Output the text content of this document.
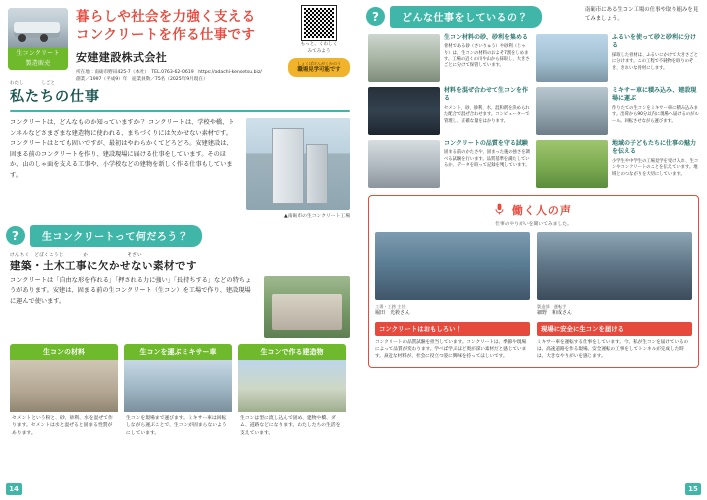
生コンクリート
製造販売
暮らしや社会を力強く支える
コンクリートを作る仕事です
安建建設株式会社
所在地：南砺市野田425-7（本社）　TEL.0763-62-0619　https://adachi-kensetsu.biz/
創業／1997（平成9）年　従業員数／75名（2025年9月現在）
もっと、くわしく
みてみよう
しょくばけんがくかのう
職場見学可能です
わたし　　　　しごと
私たちの仕事
コンクリートは、どんなものか知っていますか？ コンクリートは、学校や橋、トンネルなどさまざまな建造物に使われる、まちづくりには欠かせない素材です。コンクリートはとても固いですが、最初はやわらかくてどろどろ。安建建設は、固まる前のコンクリートを作り、建設現場に届ける仕事をしています。そのほか、山のしゃ面を支える工事や、小学校などの建物を新しく作る仕事もしています。
▲南砺市の生コンクリート工場
?	生コンクリートって何だろう？
けんちく　どぼくこうじ　　　　か　　　　　　　　そざい
建築・土木工事に欠かせない素材です
コンクリートは「自由な形を作れる」「押される力に強い」「長持ちする」などの特ちょうがあります。安建は、固まる前の生コンクリート（生コン）を工場で作り、建設現場に運んで使います。
生コンの材料
セメントという粉と、砂、砂利、水を混ぜて作ります。セメントは水と混ぜると固まる性質があります。
生コンを運ぶミキサー車
生コンを現場まで運びます。ミキサー車は回転しながら運ぶことで、生コンが固まらないようにしています。
生コンで作る建造物
生コンは型に流し込んで固め、建物や橋、ダム、道路などになります。わたしたちの生活を支えています。
14
?	どんな仕事をしているの？
南砺市にある生コン工場の仕事や取り組みを見てみましょう。
生コン材料の砂、砂利を集める
骨材である砂（さいりゅう）や砂利（じゃり）は、生コンの材料のおよそ7割をしめます。工場の近くの川や山から採取し、大きさごとに分けて保管しています。
ふるいを使って砂と砂利に分ける
採取した骨材は、ふるいにかけて大きさごとに分けます。この工程で不純物を取りのぞき、きれいな骨材にします。
材料を混ぜ合わせて生コンを作る
セメント、砂、砂利、水、混和剤を決められた配合で混ぜ合わせます。コンピューターで管理し、正確な量をはかります。
ミキサー車に積み込み、建設現場に運ぶ
作りたての生コンをミキサー車に積み込みます。出荷から90分以内に現場へ届けるのがルール。回転させながら運びます。
コンクリートの品質を守る試験
固まる前のかたさや、固まった後の強さを調べる試験を行います。品質基準を満たしているか、データを取って記録を残しています。
地域の子どもたちに仕事の魅力を伝える
小学生や中学生の工場見学を受け入れ、生コンやコンクリートのことを伝えています。地域とのつながりを大切にしています。
働く人の声
仕事のやりがいを聞いてみました。
工場・工務 主任
堀田　光毅さん
コンクリートはおもしろい！
コンクリートの品質試験を担当しています。コンクリートは、季節や現場によって品質が変わります。学べば学ぶほど奥が深い素材だと感じています。身近な材料が、社会に役立つ姿に興味を持ってほしいです。
製造部　運転手
細野　和成さん
現場に安全に生コンを届ける
ミキサー車を運転する仕事をしています。今、私が生コンを届けているのは、高速道路を作る現場。安全運転の工事をしてトンネルが完成した時は、大きなやりがいを感じます。
15
